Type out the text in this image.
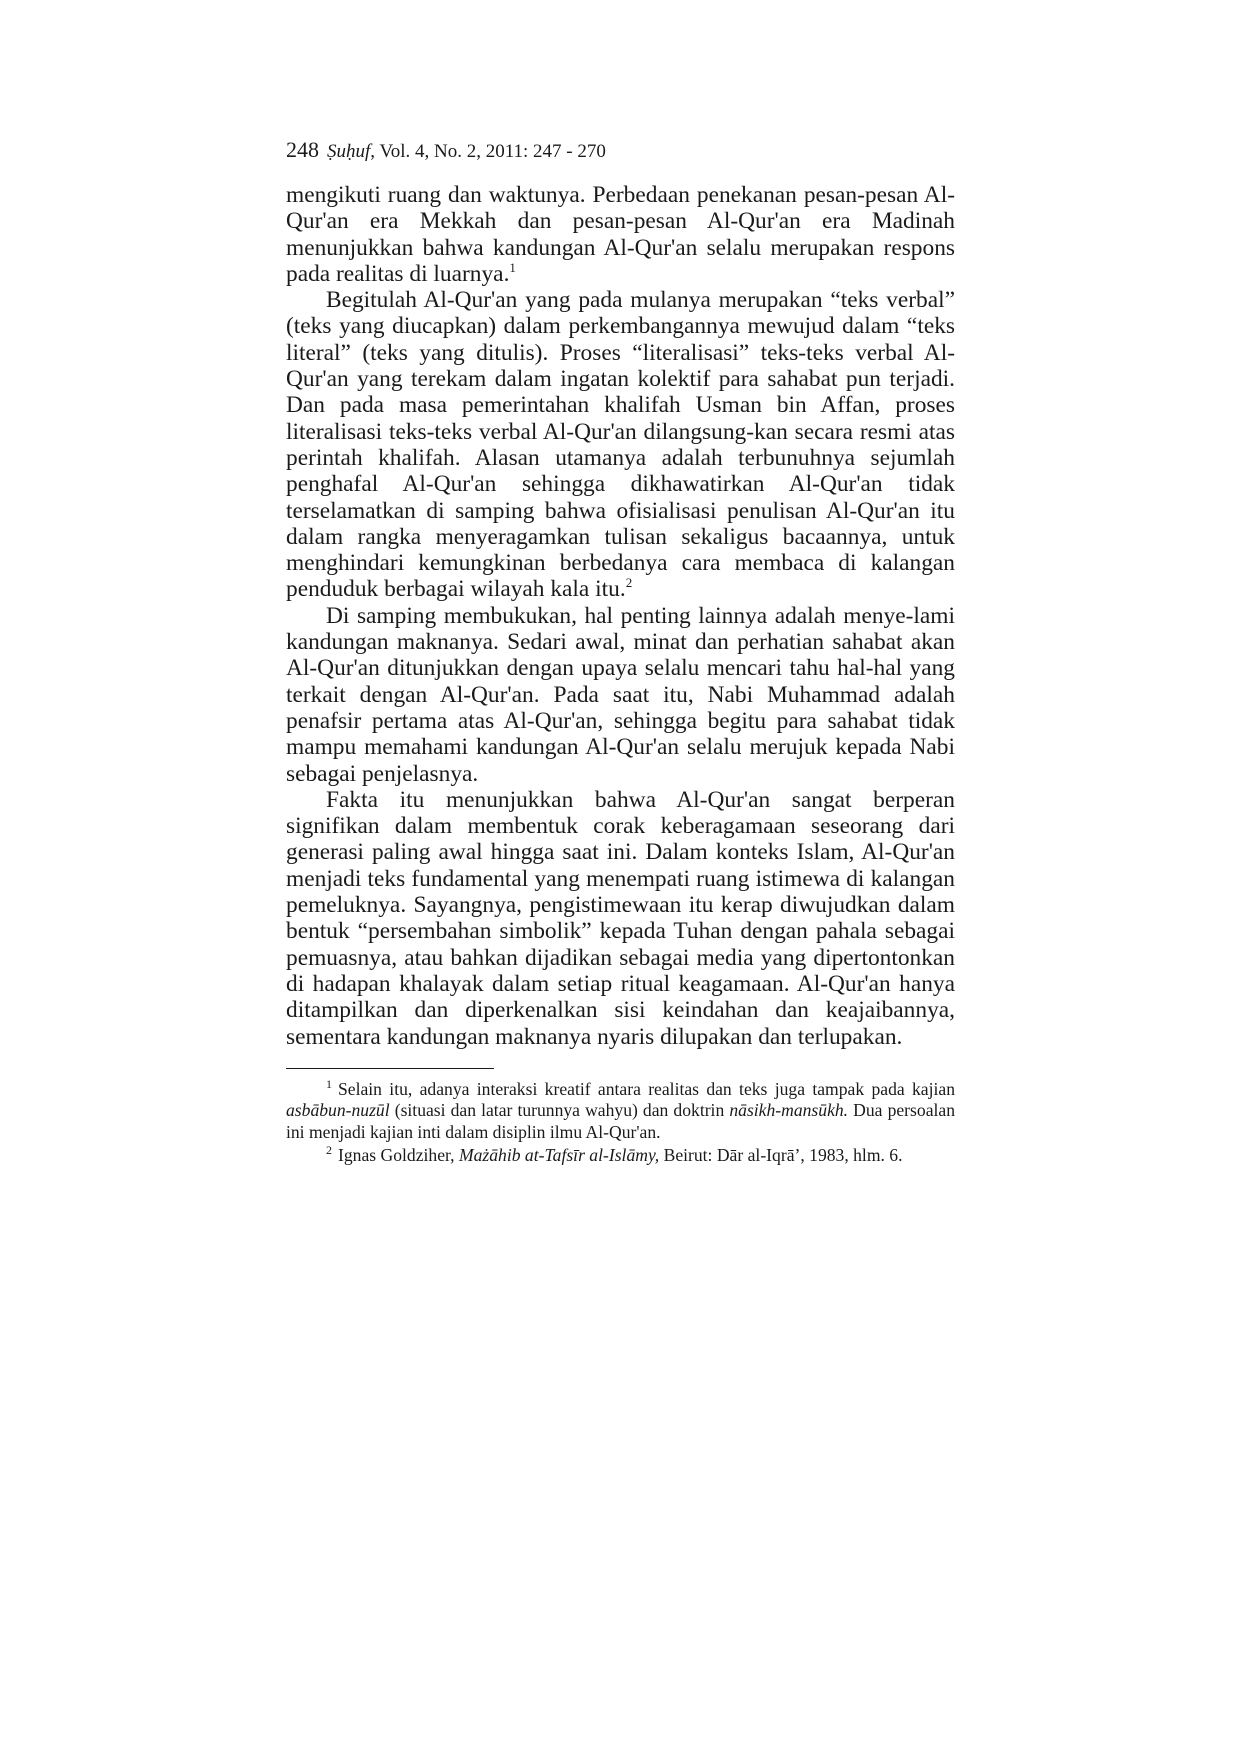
248 Ṣuḥuf, Vol. 4, No. 2, 2011: 247 - 270

mengikuti ruang dan waktunya. Perbedaan penekanan pesan-pesan Al-Qur'an era Mekkah dan pesan-pesan Al-Qur'an era Madinah menunjukkan bahwa kandungan Al-Qur'an selalu merupakan respons pada realitas di luarnya.$^1$

Begitulah Al-Qur'an yang pada mulanya merupakan “teks verbal” (teks yang diucapkan) dalam perkembangannya mewujud dalam “teks literal” (teks yang ditulis). Proses “literalisasi” teks-teks verbal Al-Qur'an yang terekam dalam ingatan kolektif para sahabat pun terjadi. Dan pada masa pemerintahan khalifah Usman bin Affan, proses literalisasi teks-teks verbal Al-Qur'an dilangsung-kan secara resmi atas perintah khalifah. Alasan utamanya adalah terbunuhnya sejumlah penghafal Al-Qur'an sehingga dikhawatirkan Al-Qur'an tidak terselamatkan di samping bahwa ofisialisasi penulisan Al-Qur'an itu dalam rangka menyeragamkan tulisan sekaligus bacaannya, untuk menghindari kemungkinan berbedanya cara membaca di kalangan penduduk berbagai wilayah kala itu.$^2$

Di samping membukukan, hal penting lainnya adalah menye-lami kandungan maknanya. Sedari awal, minat dan perhatian sahabat akan Al-Qur'an ditunjukkan dengan upaya selalu mencari tahu hal-hal yang terkait dengan Al-Qur'an. Pada saat itu, Nabi Muhammad adalah penafsir pertama atas Al-Qur'an, sehingga begitu para sahabat tidak mampu memahami kandungan Al-Qur'an selalu merujuk kepada Nabi sebagai penjelasnya.

Fakta itu menunjukkan bahwa Al-Qur'an sangat berperan signifikan dalam membentuk corak keberagamaan seseorang dari generasi paling awal hingga saat ini. Dalam konteks Islam, Al-Qur'an menjadi teks fundamental yang menempati ruang istimewa di kalangan pemeluknya. Sayangnya, pengistimewaan itu kerap diwujudkan dalam bentuk “persembahan simbolik” kepada Tuhan dengan pahala sebagai pemuasnya, atau bahkan dijadikan sebagai media yang dipertontonkan di hadapan khalayak dalam setiap ritual keagamaan. Al-Qur'an hanya ditampilkan dan diperkenalkan sisi keindahan dan keajaibannya, sementara kandungan maknanya nyaris dilupakan dan terlupakan.

$^1$ Selain itu, adanya interaksi kreatif antara realitas dan teks juga tampak pada kajian asbābun-nuzūl (situasi dan latar turunnya wahyu) dan doktrin nāsikh-mansūkh. Dua persoalan ini menjadi kajian inti dalam disiplin ilmu Al-Qur'an.

$^2$ Ignas Goldziher, Mażāhib at-Tafsīr al-Islāmy, Beirut: Dār al-Iqrā’, 1983, hlm. 6.
